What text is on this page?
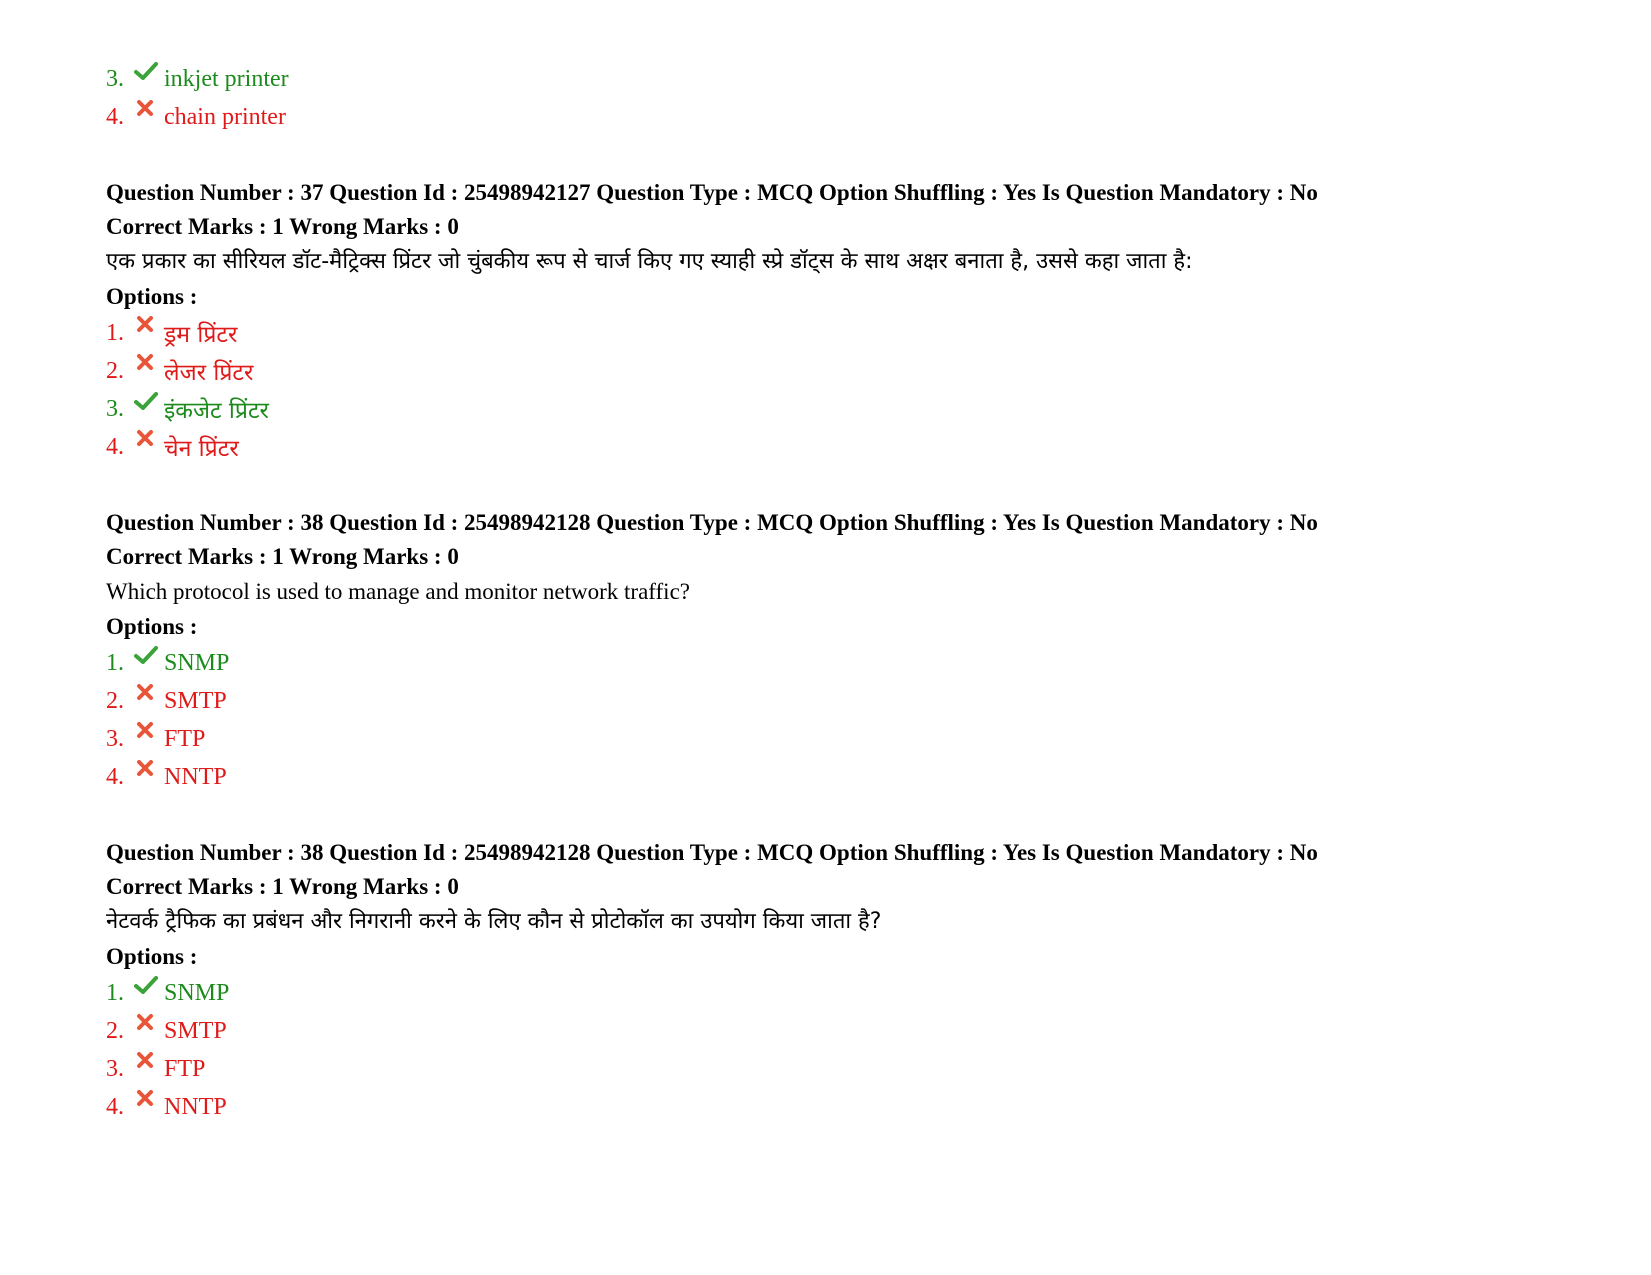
3.	inkjet printer
4.	chain printer
Question Number : 37 Question Id : 25498942127 Question Type : MCQ Option Shuffling : Yes Is Question Mandatory : No
Correct Marks : 1 Wrong Marks : 0
एक प्रकार का सीरियल डॉट-मैट्रिक्स प्रिंटर जो चुंबकीय रूप से चार्ज किए गए स्याही स्प्रे डॉट्स के साथ अक्षर बनाता है, उससे कहा जाता है:
Options :
1.	ड्रम प्रिंटर
2.	लेजर प्रिंटर
3.	इंकजेट प्रिंटर
4.	चेन प्रिंटर
Question Number : 38 Question Id : 25498942128 Question Type : MCQ Option Shuffling : Yes Is Question Mandatory : No
Correct Marks : 1 Wrong Marks : 0
Which protocol is used to manage and monitor network traffic?
Options :
1.	SNMP
2.	SMTP
3.	FTP
4.	NNTP
Question Number : 38 Question Id : 25498942128 Question Type : MCQ Option Shuffling : Yes Is Question Mandatory : No
Correct Marks : 1 Wrong Marks : 0
नेटवर्क ट्रैफिक का प्रबंधन और निगरानी करने के लिए कौन से प्रोटोकॉल का उपयोग किया जाता है?
Options :
1.	SNMP
2.	SMTP
3.	FTP
4.	NNTP
